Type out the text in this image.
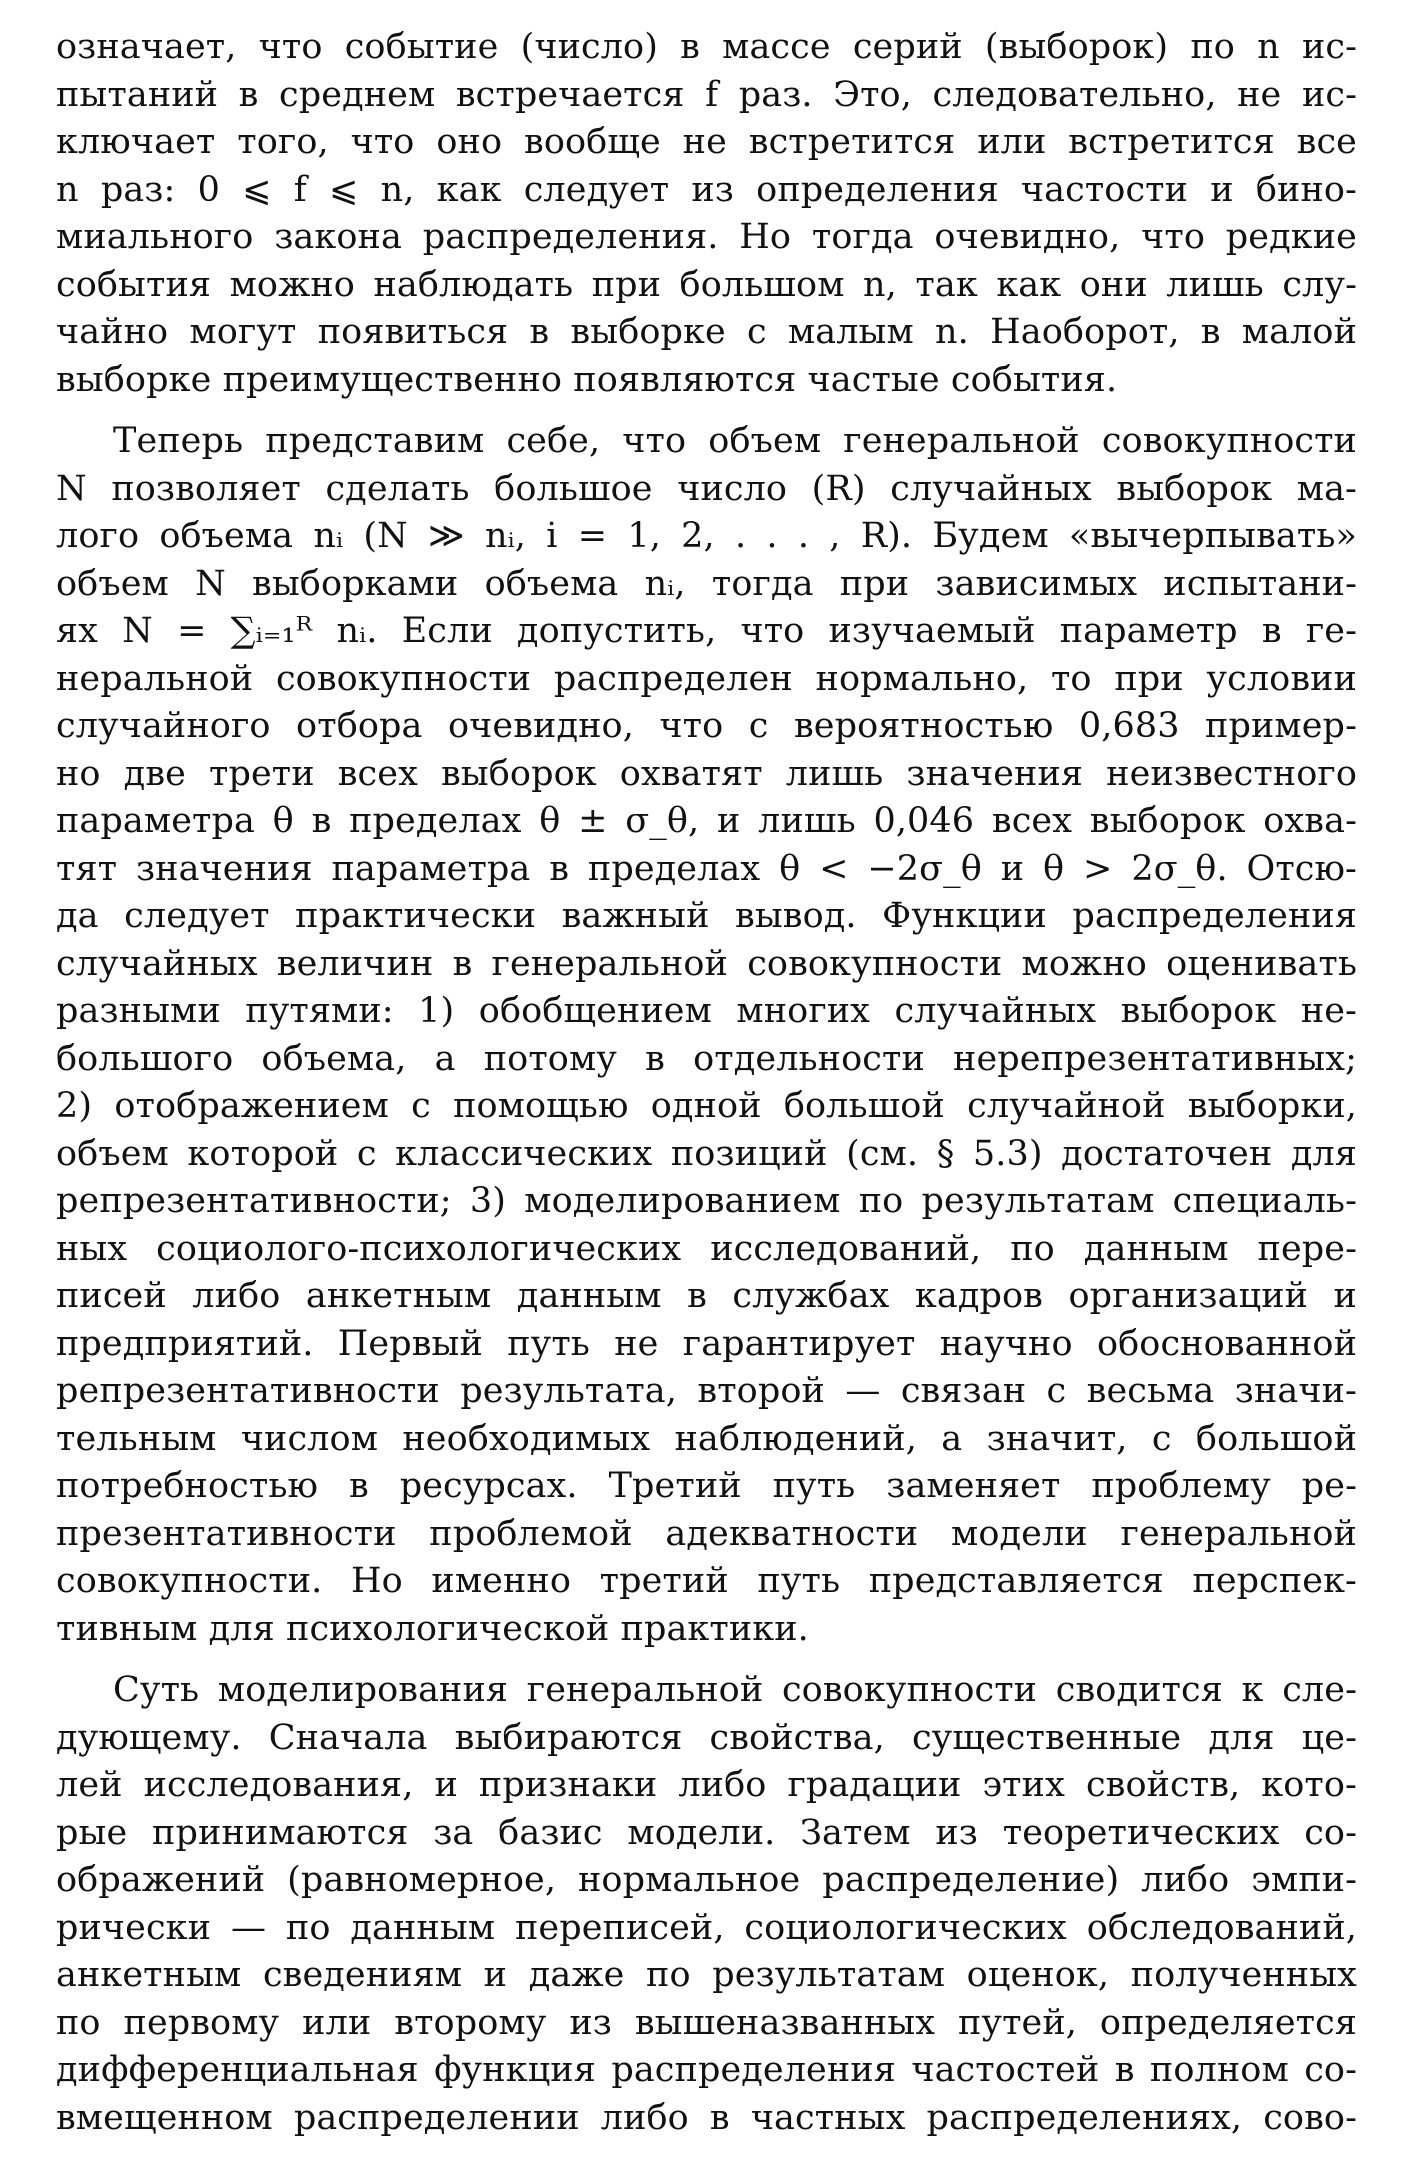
означает, что событие (число) в массе серий (выборок) по n ис-
пытаний в среднем встречается f раз. Это, следовательно, не ис-
ключает того, что оно вообще не встретится или встретится все
n раз: 0 ⩽ f ⩽ n, как следует из определения частости и бино-
миального закона распределения. Но тогда очевидно, что редкие
события можно наблюдать при большом n, так как они лишь слу-
чайно могут появиться в выборке с малым n. Наоборот, в малой
выборке преимущественно появляются частые события.
Теперь представим себе, что объем генеральной совокупности
N позволяет сделать большое число (R) случайных выборок ма-
лого объема nᵢ (N ≫ nᵢ, i = 1, 2, . . . , R). Будем «вычерпывать»
объем N выборками объема nᵢ, тогда при зависимых испытани-
ях N = ∑ᵢ₌₁ᴿ nᵢ. Если допустить, что изучаемый параметр в ге-
неральной совокупности распределен нормально, то при условии
случайного отбора очевидно, что с вероятностью 0,683 пример-
но две трети всех выборок охватят лишь значения неизвестного
параметра θ в пределах θ ± σ_θ, и лишь 0,046 всех выборок охва-
тят значения параметра в пределах θ < −2σ_θ и θ > 2σ_θ. Отсю-
да следует практически важный вывод. Функции распределения
случайных величин в генеральной совокупности можно оценивать
разными путями: 1) обобщением многих случайных выборок не-
большого объема, а потому в отдельности нерепрезентативных;
2) отображением с помощью одной большой случайной выборки,
объем которой с классических позиций (см. § 5.3) достаточен для
репрезентативности; 3) моделированием по результатам специаль-
ных социолого-психологических исследований, по данным пере-
писей либо анкетным данным в службах кадров организаций и
предприятий. Первый путь не гарантирует научно обоснованной
репрезентативности результата, второй — связан с весьма значи-
тельным числом необходимых наблюдений, а значит, с большой
потребностью в ресурсах. Третий путь заменяет проблему ре-
презентативности проблемой адекватности модели генеральной
совокупности. Но именно третий путь представляется перспек-
тивным для психологической практики.
Суть моделирования генеральной совокупности сводится к сле-
дующему. Сначала выбираются свойства, существенные для це-
лей исследования, и признаки либо градации этих свойств, кото-
рые принимаются за базис модели. Затем из теоретических со-
ображений (равномерное, нормальное распределение) либо эмпи-
рически — по данным переписей, социологических обследований,
анкетным сведениям и даже по результатам оценок, полученных
по первому или второму из вышеназванных путей, определяется
дифференциальная функция распределения частостей в полном со-
вмещенном распределении либо в частных распределениях, сово-
